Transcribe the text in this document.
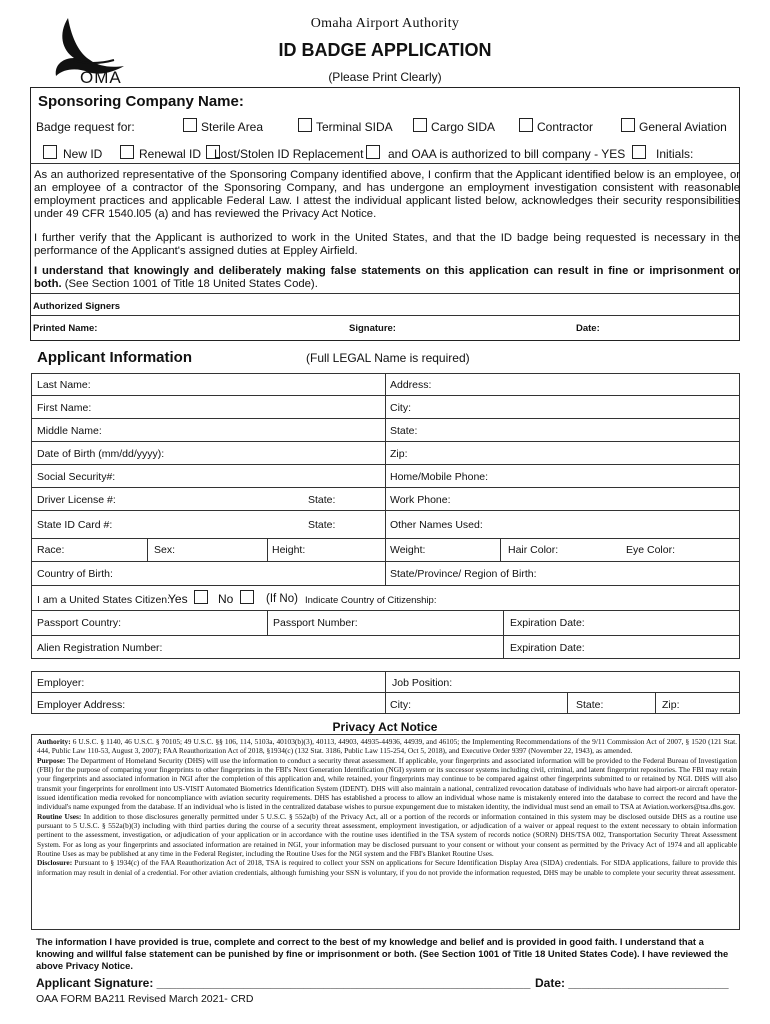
OMA
Omaha Airport Authority
ID BADGE APPLICATION
(Please Print Clearly)
Sponsoring Company Name:
Badge request for:	Sterile Area	Terminal SIDA	Cargo SIDA	Contractor	General Aviation
New ID	Renewal ID Lost/Stolen ID Replacement and OAA is authorized to bill company - YES	Initials:
As an authorized representative of the Sponsoring Company identified above, I confirm that the Applicant identified below is an employee, or an employee of a contractor of the Sponsoring Company, and has undergone an employment investigation consistent with reasonable employment practices and applicable Federal Law. I attest the individual applicant listed below, acknowledges their security responsibilities under 49 CFR 1540.l05 (a) and has reviewed the Privacy Act Notice.
I further verify that the Applicant is authorized to work in the United States, and that the ID badge being requested is necessary in the performance of the Applicant's assigned duties at Eppley Airfield.
I understand that knowingly and deliberately making false statements on this application can result in fine or imprisonment or both. (See Section 1001 of Title 18 United States Code).
Authorized Signers
Printed Name:	Signature:	Date:
Applicant Information	(Full LEGAL Name is required)
Last Name:	Address:
First Name:	City:
Middle Name:	State:
Date of Birth (mm/dd/yyyy):	Zip:
Social Security#:	Home/Mobile Phone:
Driver License #:	State:	Work Phone:
State ID Card #:	State:	Other Names Used:
Race:	Sex:	Height:	Weight:	Hair Color:	Eye Color:
Country of Birth:	State/Province/ Region of Birth:
I am a United States Citizen:
Yes	No	(If No) Indicate Country of Citizenship:
Passport Country:	Passport Number:	Expiration Date:
Alien Registration Number:	Expiration Date:
Employer:	Job Position:
Employer Address:	City:	State:	Zip:
Privacy Act Notice
Authority: 6 U.S.C. § 1140, 46 U.S.C. § 70105; 49 U.S.C. §§ 106, 114, 5103a, 40103(b)(3), 40113, 44903, 44935-44936, 44939, and 46105; the Implementing Recommendations of the 9/11 Commission Act of 2007, § 1520 (121 Stat. 444, Public Law 110-53, August 3, 2007); FAA Reauthorization Act of 2018, §1934(c) (132 Stat. 3186, Public Law 115-254, Oct 5, 2018), and Executive Order 9397 (November 22, 1943), as amended.
Purpose: The Department of Homeland Security (DHS) will use the information to conduct a security threat assessment. If applicable, your fingerprints and associated information will be provided to the Federal Bureau of Investigation (FBI) for the purpose of comparing your fingerprints to other fingerprints in the FBI's Next Generation Identification (NGI) system or its successor systems including civil, criminal, and latent fingerprint repositories. The FBI may retain your fingerprints and associated information in NGI after the completion of this application and, while retained, your fingerprints may continue to be compared against other fingerprints submitted to or retained by NGI. DHS will also transmit your fingerprints for enrollment into US-VISIT Automated Biometrics Identification System (IDENT). DHS will also maintain a national, centralized revocation database of individuals who have had airport-or aircraft operator- issued identification media revoked for noncompliance with aviation security requirements. DHS has established a process to allow an individual whose name is mistakenly entered into the database to correct the record and have the individual's name expunged from the database. If an individual who is listed in the centralized database wishes to pursue expungement due to mistaken identity, the individual must send an email to TSA at Aviation.workers@tsa.dhs.gov.
Routine Uses: In addition to those disclosures generally permitted under 5 U.S.C. § 552a(b) of the Privacy Act, all or a portion of the records or information contained in this system may be disclosed outside DHS as a routine use pursuant to 5 U.S.C. § 552a(b)(3) including with third parties during the course of a security threat assessment, employment investigation, or adjudication of a waiver or appeal request to the extent necessary to obtain information pertinent to the assessment, investigation, or adjudication of your application or in accordance with the routine uses identified in the TSA system of records notice (SORN) DHS/TSA 002, Transportation Security Threat Assessment System. For as long as your fingerprints and associated information are retained in NGI, your information may be disclosed pursuant to your consent or without your consent as permitted by the Privacy Act of 1974 and all applicable Routine Uses as may be published at any time in the Federal Register, including the Routine Uses for the NGI system and the FBI's Blanket Routine Uses.
Disclosure: Pursuant to § 1934(c) of the FAA Reauthorization Act of 2018, TSA is required to collect your SSN on applications for Secure Identification Display Area (SIDA) credentials. For SIDA applications, failure to provide this information may result in denial of a credential. For other aviation credentials, although furnishing your SSN is voluntary, if you do not provide the information requested, DHS may be unable to complete your security threat assessment.
The information I have provided is true, complete and correct to the best of my knowledge and belief and is provided in good faith. I understand that a knowing and willful false statement can be punished by fine or imprisonment or both. (See Section 1001 of Title 18 United States Code). I have reviewed the above Privacy Notice.
Applicant Signature: ________________________________________________________ Date: ________________________
OAA FORM BA211 Revised March 2021- CRD
